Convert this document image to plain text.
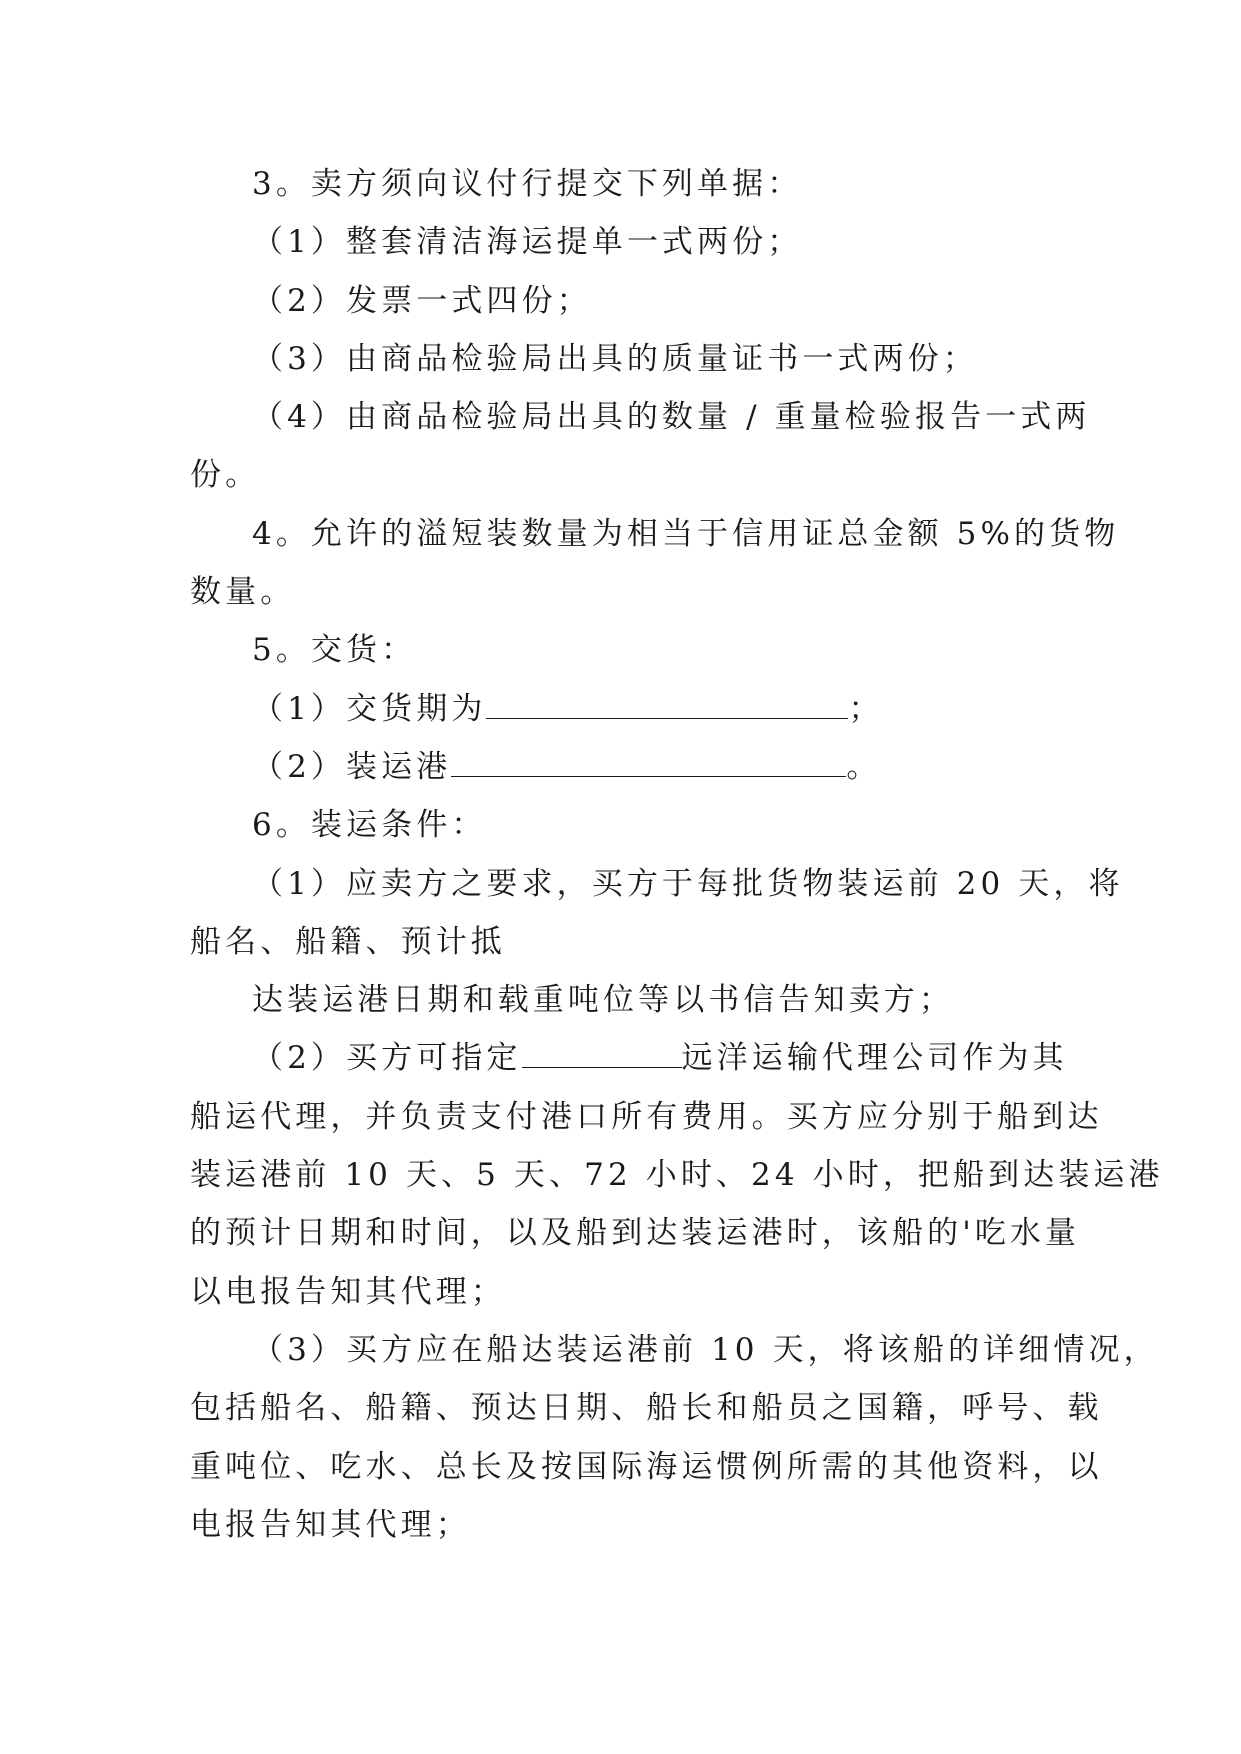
3。卖方须向议付行提交下列单据：
（1）整套清洁海运提单一式两份；
（2）发票一式四份；
（3）由商品检验局出具的质量证书一式两份；
（4）由商品检验局出具的数量 / 重量检验报告一式两
份。
4。允许的溢短装数量为相当于信用证总金额 5%的货物
数量。
5。交货：
（1）交货期为	；
（2）装运港	。
6。装运条件：
（1）应卖方之要求，买方于每批货物装运前 20 天，将
船名、船籍、预计抵
达装运港日期和载重吨位等以书信告知卖方；
（2）买方可指定	远洋运输代理公司作为其
船运代理，并负责支付港口所有费用。买方应分别于船到达
装运港前 10 天、5 天、72 小时、24 小时，把船到达装运港
的预计日期和时间，以及船到达装运港时，该船的'吃水量
以电报告知其代理；
（3）买方应在船达装运港前 10 天，将该船的详细情况，
包括船名、船籍、预达日期、船长和船员之国籍，呼号、载
重吨位、吃水、总长及按国际海运惯例所需的其他资料，以
电报告知其代理；
